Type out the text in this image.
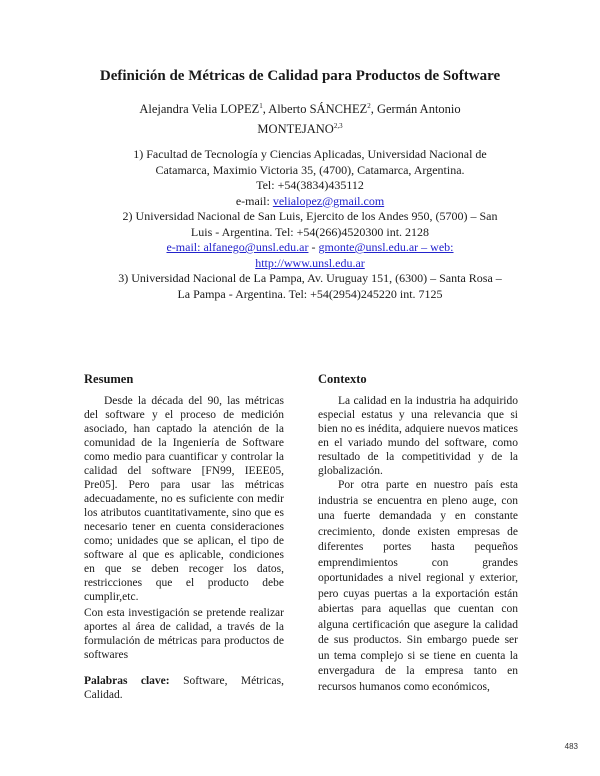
Definición de Métricas de Calidad para Productos de Software
Alejandra Velia LOPEZ$^1$, Alberto SÁNCHEZ$^2$, Germán Antonio
MONTEJANO$^{2,3}$
1) Facultad de Tecnología y Ciencias Aplicadas, Universidad Nacional de
Catamarca, Maximio Victoria 35, (4700), Catamarca, Argentina.
Tel: +54(3834)435112
e-mail: velialopez@gmail.com
2) Universidad Nacional de San Luis, Ejercito de los Andes 950, (5700) – San
Luis - Argentina. Tel: +54(266)4520300 int. 2128
e-mail: alfanego@unsl.edu.ar - gmonte@unsl.edu.ar – web:
http://www.unsl.edu.ar
3) Universidad Nacional de La Pampa, Av. Uruguay 151, (6300) – Santa Rosa –
La Pampa - Argentina. Tel: +54(2954)245220 int. 7125
Resumen

Desde la década del 90, las métricas del software y el proceso de medición asociado, han captado la atención de la comunidad de la Ingeniería de Software como medio para cuantificar y controlar la calidad del software [FN99, IEEE05, Pre05]. Pero para usar las métricas adecuadamente, no es suficiente con medir los atributos cuantitativamente, sino que es necesario tener en cuenta consideraciones como; unidades que se aplican, el tipo de software al que es aplicable, condiciones en que se deben recoger los datos, restricciones que el producto debe cumplir,etc.

Con esta investigación se pretende realizar aportes al área de calidad, a través de la formulación de métricas para productos de softwares

Palabras clave: Software, Métricas, Calidad.

Contexto

La calidad en la industria ha adquirido especial estatus y una relevancia que si bien no es inédita, adquiere nuevos matices en el variado mundo del software, como resultado de la competitividad y de la globalización.

Por otra parte en nuestro país esta industria se encuentra en pleno auge, con una fuerte demandada y en constante crecimiento, donde existen empresas de diferentes portes hasta pequeños emprendimientos con grandes oportunidades a nivel regional y exterior, pero cuyas puertas a la exportación están abiertas para aquellas que cuentan con alguna certificación que asegure la calidad de sus productos. Sin embargo puede ser un tema complejo si se tiene en cuenta la envergadura de la empresa tanto en recursos humanos como económicos,

483
